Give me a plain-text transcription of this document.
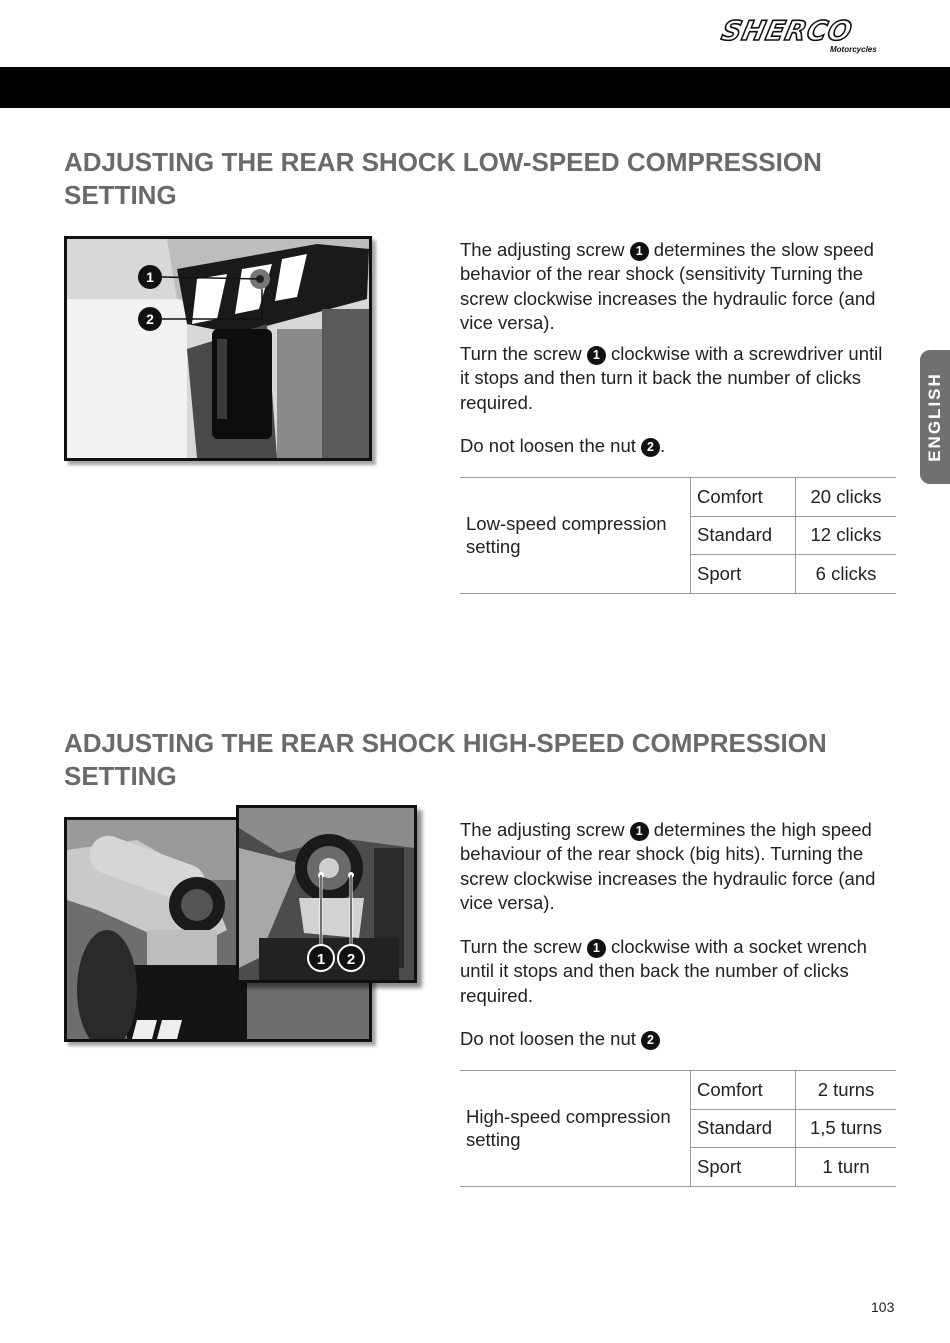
SHERCO
Motorcycles
ENGLISH
ADJUSTING THE REAR SHOCK LOW-SPEED COMPRESSION SETTING
1
2

The adjusting screw 1 determines the slow speed behavior of the rear shock (sensitivity Turning the screw clockwise increases the hydraulic force (and vice versa).

Turn the screw 1 clockwise with a screwdriver until it stops and then turn it back the number of clicks required.

Do not loosen the nut 2 .

Low-speed compression setting	Comfort	20 clicks
	Standard	12 clicks
	Sport	6 clicks
ADJUSTING THE REAR SHOCK HIGH-SPEED COMPRESSION SETTING
1 2

The adjusting screw 1 determines the high speed behaviour of the rear shock (big hits). Turning the screw clockwise increases the hydraulic force (and vice versa).

Turn the screw 1 clockwise with a socket wrench until it stops and then back the number of clicks required.

Do not loosen the nut 2

High-speed compression setting	Comfort	2 turns
	Standard	1,5 turns
	Sport	1 turn
103
